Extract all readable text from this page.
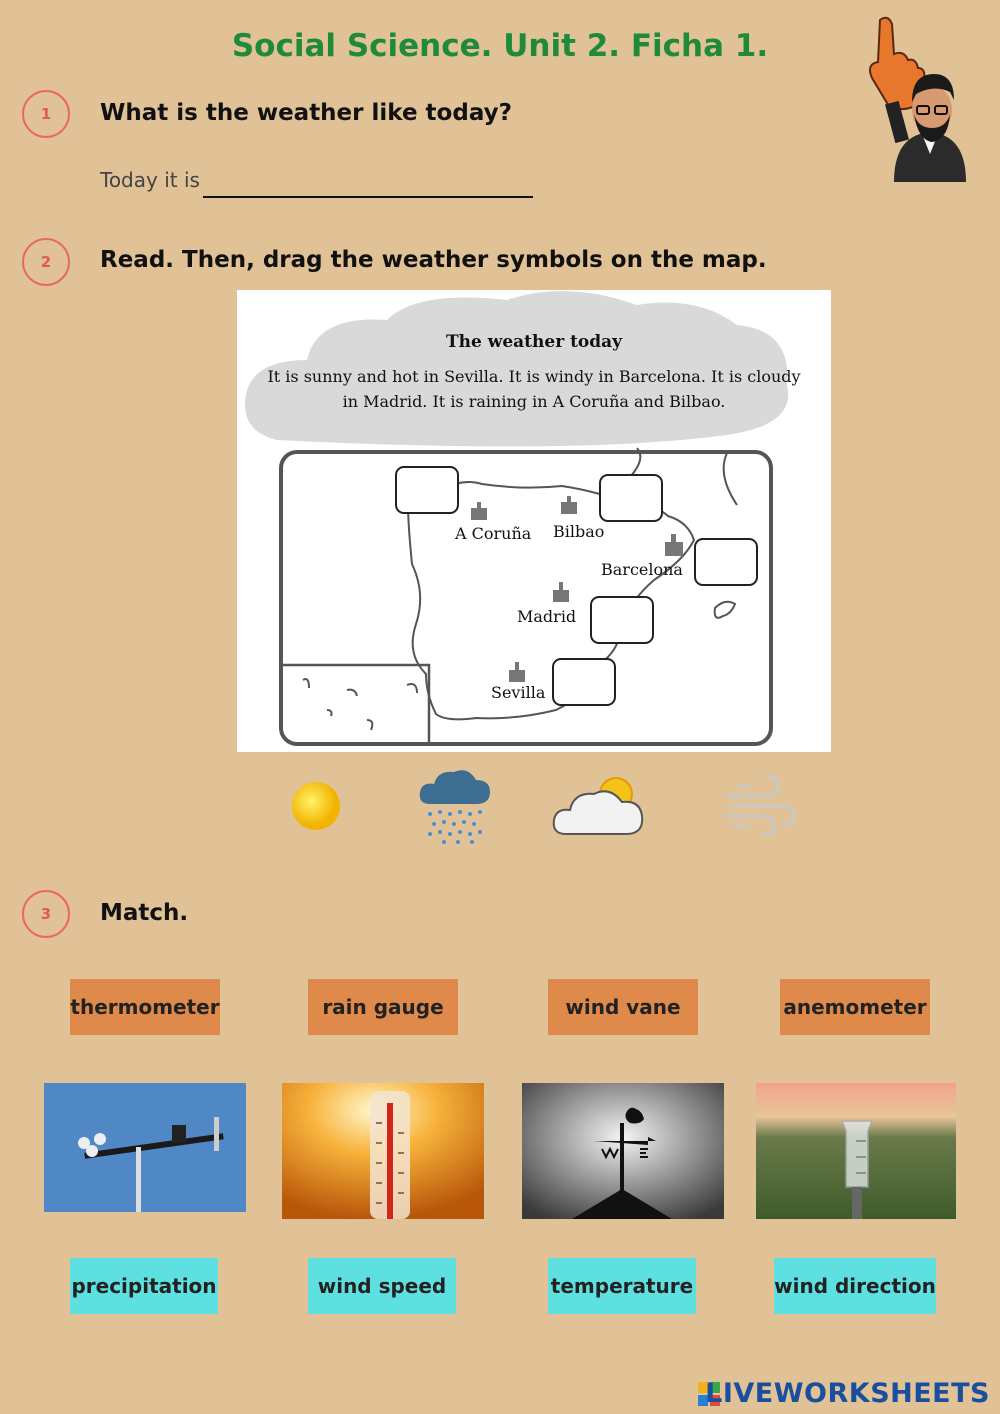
Social Science. Unit 2. Ficha 1.
1	What is the weather like today?
Today it is
2	Read. Then, drag the weather symbols on the map.
The weather today
It is sunny and hot in Sevilla. It is windy in Barcelona. It is cloudy in Madrid. It is raining in A Coruña and Bilbao.
A Coruña Bilbao
Barcelona
Madrid
Sevilla
3	Match.
thermometer	rain gauge	wind vane	anemometer
precipitation	wind speed	temperature	wind direction
LIVEWORKSHEETS
